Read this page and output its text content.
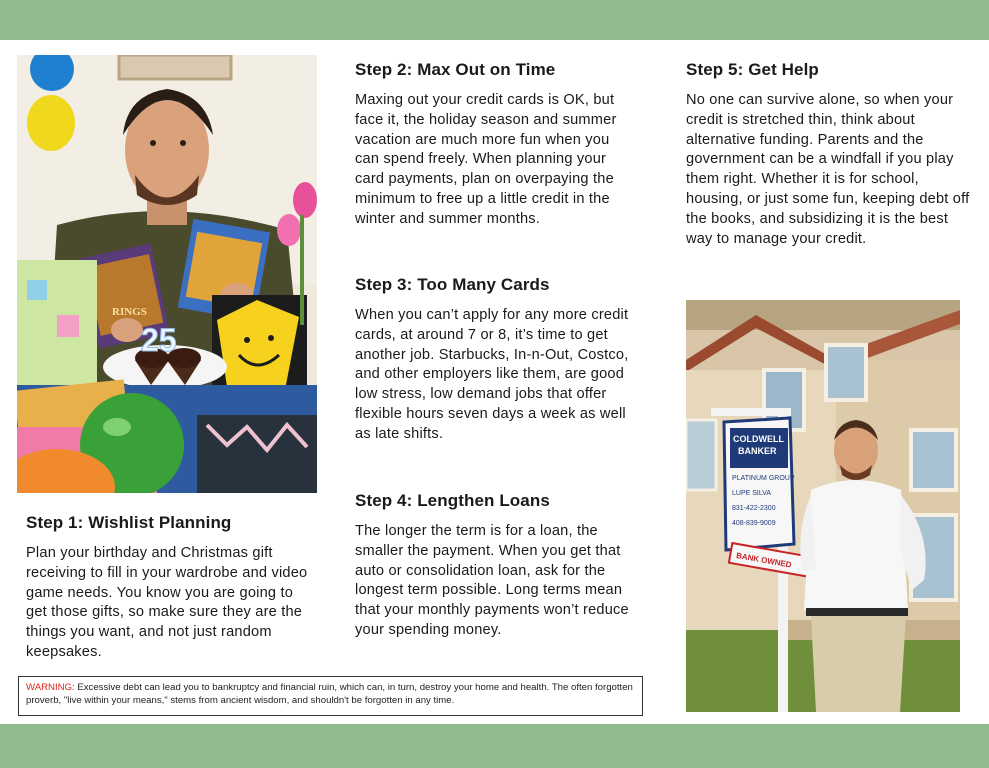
RINGS
25
Step 1: Wishlist Planning

Plan your birthday and Christmas gift receiving to fill in your wardrobe and video game needs. You know you are going to get those gifts, so make sure they are the things you want, and not just random keepsakes.

Step 2: Max Out on Time

Maxing out your credit cards is OK, but face it, the holiday season and summer vacation are much more fun when you can spend freely. When planning your card payments, plan on overpaying the minimum to free up a little credit in the winter and summer months.

Step 3: Too Many Cards

When you can’t apply for any more credit cards, at around 7 or 8, it’s time to get another job. Starbucks, In-n-Out, Costco, and other employers like them, are good low stress, low demand jobs that offer flexible hours seven days a week as well as late shifts.

Step 4: Lengthen Loans

The longer the term is for a loan, the smaller the payment. When you get that auto or consolidation loan, ask for the longest term possible. Long terms mean that your monthly payments won’t reduce your spending money.

Step 5: Get Help

No one can survive alone, so when your credit is stretched thin, think about alternative funding. Parents and the government can be a windfall if you play them right. Whether it is for school, housing, or just some fun, keeping debt off the books, and subsidizing it is the best way to manage your credit.

COLDWELL BANKER
PLATINUM GROUP LUPE SILVA 831-422-2300 408-839-9009
BANK OWNED
WARNING: Excessive debt can lead you to bankruptcy and financial ruin, which can, in turn, destroy your home and health. The often forgotten proverb, "live within your means," stems from ancient wisdom, and shouldn't be forgotten in any time.
